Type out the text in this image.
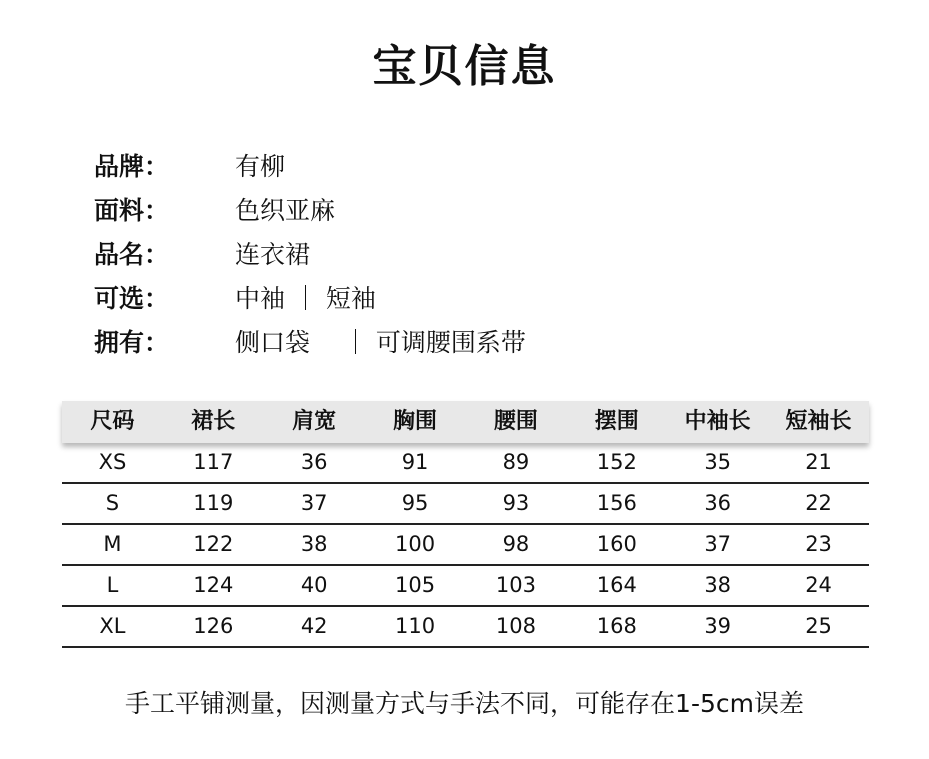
宝贝信息
品牌：	有柳
面料：	色织亚麻
品名：	连衣裙
可选：	中袖 ｜ 短袖
拥有：	侧口袋　 ｜ 可调腰围系带
尺码	裙长	肩宽	胸围	腰围	摆围	中袖长	短袖长
XS	117	36	91	89	152	35	21
S	119	37	95	93	156	36	22
M	122	38	100	98	160	37	23
L	124	40	105	103	164	38	24
XL	126	42	110	108	168	39	25
手工平铺测量，因测量方式与手法不同，可能存在1-5cm误差
